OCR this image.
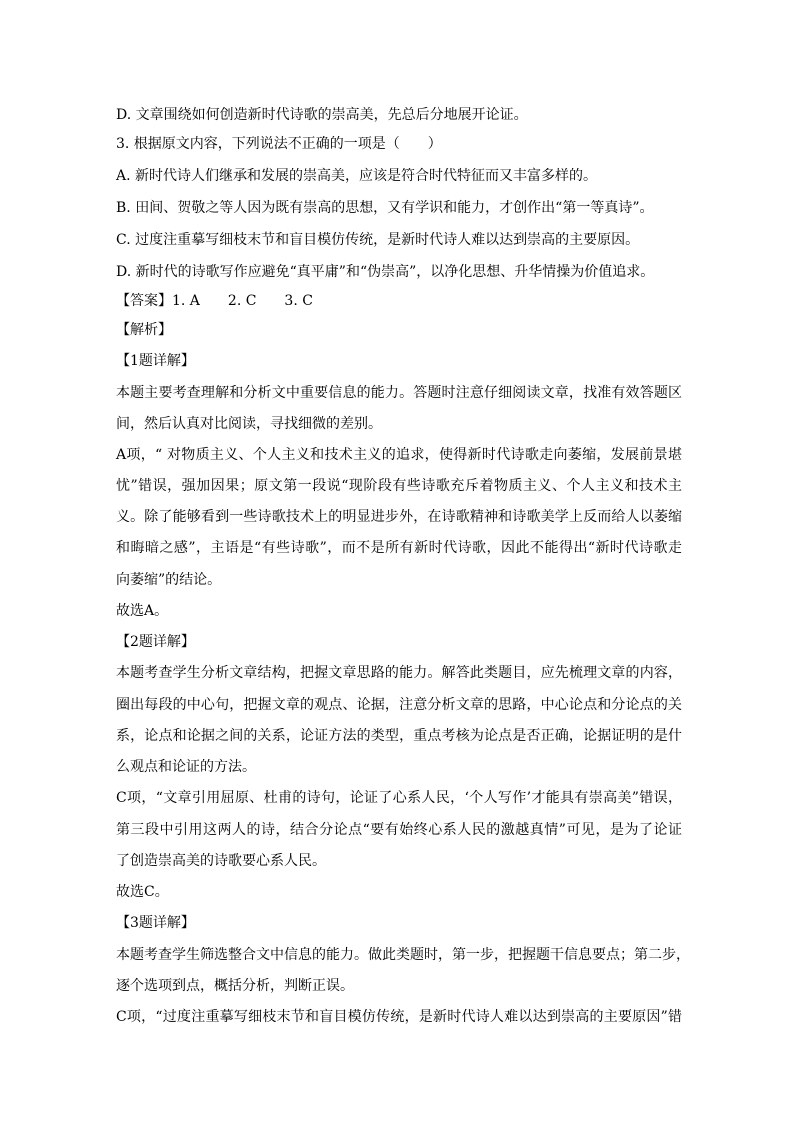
D. 文章围绕如何创造新时代诗歌的崇高美，先总后分地展开论证。
3. 根据原文内容，下列说法不正确的一项是（　　）
A. 新时代诗人们继承和发展的崇高美，应该是符合时代特征而又丰富多样的。
B. 田间、贺敬之等人因为既有崇高的思想，又有学识和能力，才创作出“第一等真诗”。
C. 过度注重摹写细枝末节和盲目模仿传统，是新时代诗人难以达到崇高的主要原因。
D. 新时代的诗歌写作应避免“真平庸”和“伪崇高”，以净化思想、升华情操为价值追求。
【答案】1. A　　2. C　　3. C
【解析】
【1题详解】
本题主要考查理解和分析文中重要信息的能力。答题时注意仔细阅读文章，找准有效答题区
间，然后认真对比阅读，寻找细微的差别。
A项，“ 对物质主义、个人主义和技术主义的追求，使得新时代诗歌走向萎缩，发展前景堪
忧”错误，强加因果；原文第一段说“现阶段有些诗歌充斥着物质主义、个人主义和技术主
义。除了能够看到一些诗歌技术上的明显进步外，在诗歌精神和诗歌美学上反而给人以萎缩
和晦暗之感”，主语是“有些诗歌”，而不是所有新时代诗歌，因此不能得出“新时代诗歌走
向萎缩”的结论。
故选A。
【2题详解】
本题考查学生分析文章结构，把握文章思路的能力。解答此类题目，应先梳理文章的内容，
圈出每段的中心句，把握文章的观点、论据，注意分析文章的思路，中心论点和分论点的关
系，论点和论据之间的关系，论证方法的类型，重点考核为论点是否正确，论据证明的是什
么观点和论证的方法。
C项，“文章引用屈原、杜甫的诗句，论证了心系人民，‘个人写作’才能具有崇高美”错误，
第三段中引用这两人的诗，结合分论点“要有始终心系人民的激越真情”可见，是为了论证
了创造崇高美的诗歌要心系人民。
故选C。
【3题详解】
本题考查学生筛选整合文中信息的能力。做此类题时，第一步，把握题干信息要点；第二步，
逐个选项到点，概括分析，判断正误。
C项，“过度注重摹写细枝末节和盲目模仿传统，是新时代诗人难以达到崇高的主要原因”错
